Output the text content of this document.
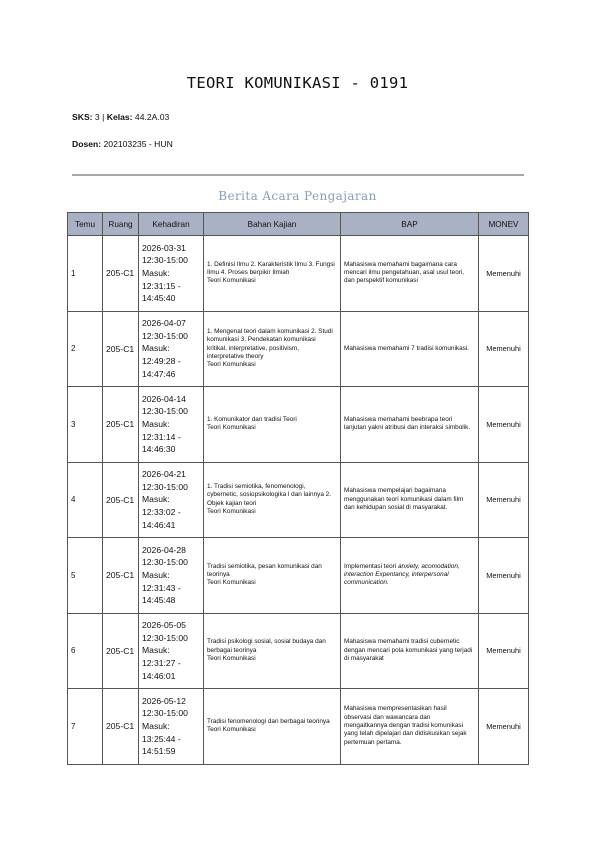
TEORI KOMUNIKASI - 0191
SKS: 3 | Kelas: 44.2A.03
Dosen: 202103235 - HUN
Berita Acara Pengajaran
Temu	Ruang	Kehadiran	Bahan Kajian	BAP	MONEV
1	205-C1	2026-03-31
12:30-15:00
Masuk:
12:31:15 -
14:45:40	1. Definisi Ilmu 2. Karakteristik Ilmu 3. Fungsi Ilmu 4. Proses berpikir Ilmiah
Teori Komunikasi	Mahasiswa memahami bagaimana cara mencari ilmu pengetahuan, asal usul teori, dan perspektif komunikasi	Memenuhi
2	205-C1	2026-04-07
12:30-15:00
Masuk:
12:49:28 -
14:47:46	1. Mengenal teori dalam komunikasi 2. Studi komunikasi 3. Pendekatan komunikasi kritikal, interpretative, positivism, interpretative theory
Teori Komunikasi	Mahasiswa memahami 7 tradisi komunikasi.	Memenuhi
3	205-C1	2026-04-14
12:30-15:00
Masuk:
12:31:14 -
14:46:30	1. Komunikator dan tradisi Teori
Teori Komunikasi	Mahasiswa memahami beebrapa teori lanjutan yakni atribusi dan interaksi simbolik.	Memenuhi
4	205-C1	2026-04-21
12:30-15:00
Masuk:
12:33:02 -
14:46:41	1. Tradisi semiotika, fenomenologi, cybernetic, sosiopsikologika l dan lainnya 2. Objek kajian teori
Teori Komunikasi	Mahasiswa mempelajari bagaimana menggunakan teori komunikasi dalam film dan kehidupan sosial di masyarakat.	Memenuhi
5	205-C1	2026-04-28
12:30-15:00
Masuk:
12:31:43 -
14:45:48	Tradisi semiotika, pesan komunikasi dan teorinya
Teori Komunikasi	Implementasi teori anxiety, acomodation, interaction Expentancy, interpersonal communication.	Memenuhi
6	205-C1	2026-05-05
12:30-15:00
Masuk:
12:31:27 -
14:46:01	Tradisi psikologi sosial, sosial budaya dan berbagai teorinya
Teori Komunikasi	Mahasiswa memahami tradisi cubernetic dengan mencari pola komunikasi yang terjadi di masyarakat	Memenuhi
7	205-C1	2026-05-12
12:30-15:00
Masuk:
13:25:44 -
14:51:59	Tradisi fenomenologi dan berbagai teorinya
Teori Komunikasi	Mahasiswa mempresentasikan hasil observasi dan wawancara dan mengaitkannya dengan tradisi komunikasi yang telah dipelajari dan didiskusikan sejak pertemuan pertama.	Memenuhi
